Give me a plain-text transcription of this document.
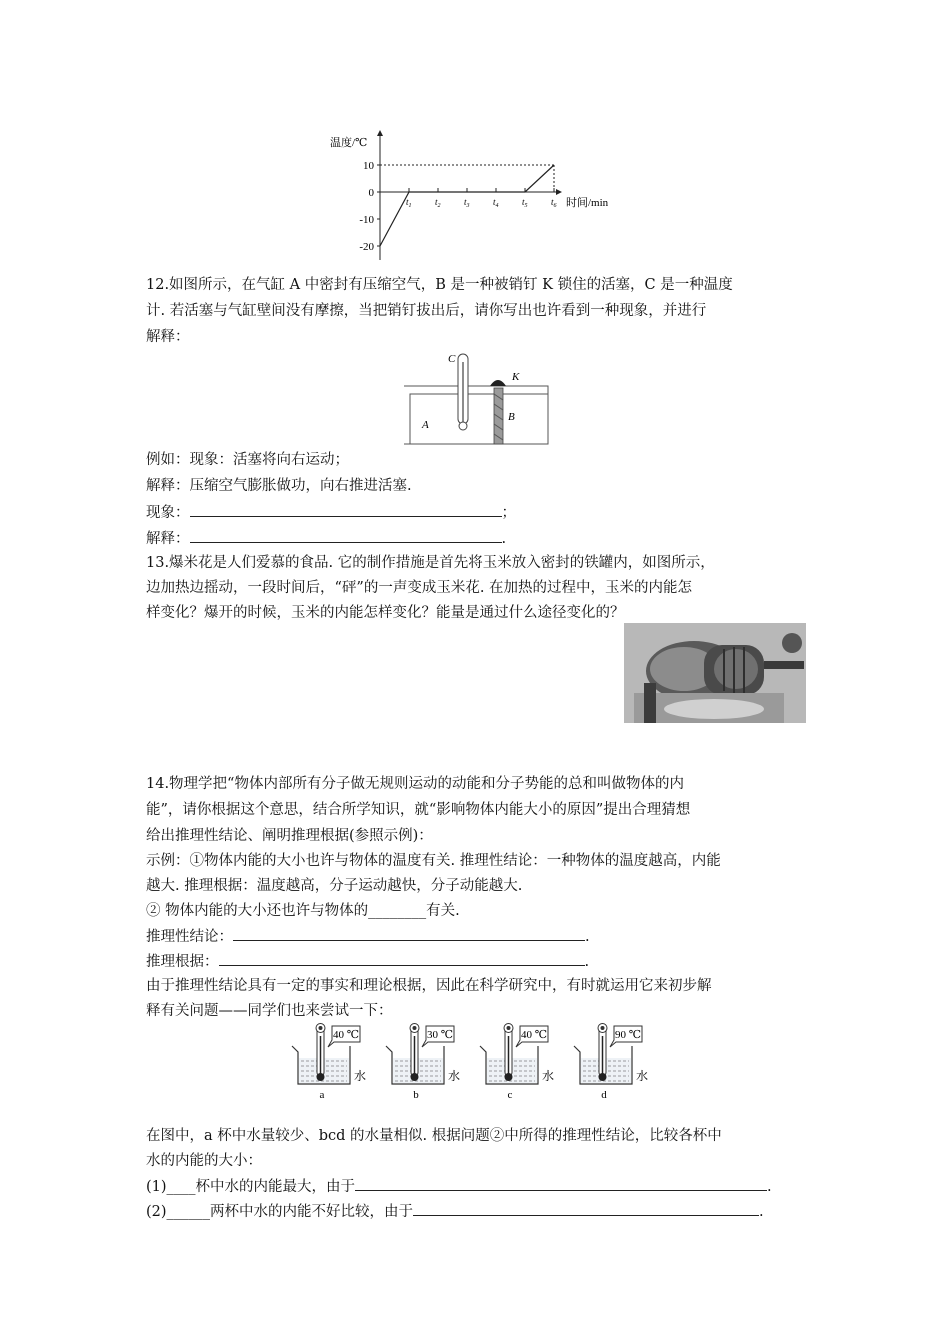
10
0
-10
-20
$t_1$	$t_2$	$t_3$	$t_4$	$t_5$	$t_6$
温度/℃
时间/min
12.如图所示，在气缸 A 中密封有压缩空气，B 是一种被销钉 K 锁住的活塞，C 是一种温度
计. 若活塞与气缸壁间没有摩擦，当把销钉拔出后，请你写出也许看到一种现象，并进行
解释：
C
K
A
B
例如：现象：活塞将向右运动；
解释：压缩空气膨胀做功，向右推进活塞.
现象：	；
解释：	.
13.爆米花是人们爱慕的食品. 它的制作措施是首先将玉米放入密封的铁罐内，如图所示，
边加热边摇动，一段时间后，“砰”的一声变成玉米花. 在加热的过程中，玉米的内能怎
样变化？爆开的时候，玉米的内能怎样变化？能量是通过什么途径变化的？
14.物理学把“物体内部所有分子做无规则运动的动能和分子势能的总和叫做物体的内
能”，请你根据这个意思，结合所学知识，就“影响物体内能大小的原因”提出合理猜想
给出推理性结论、阐明推理根据(参照示例)：
示例：①物体内能的大小也许与物体的温度有关. 推理性结论：一种物体的温度越高，内能
越大. 推理根据：温度越高，分子运动越快，分子动能越大.
② 物体内能的大小还也许与物体的________有关.
推理性结论：	.
推理根据：	.
由于推理性结论具有一定的事实和理论根据，因此在科学研究中，有时就运用它来初步解
释有关问题——同学们也来尝试一下：
40 ℃
水
a
30 ℃
水
b
40 ℃
水
c
90 ℃
水
d
在图中，a 杯中水量较少、bcd 的水量相似. 根据问题②中所得的推理性结论，比较各杯中
水的内能的大小：
(1)____杯中水的内能最大，由于	.
(2)______两杯中水的内能不好比较，由于	.
